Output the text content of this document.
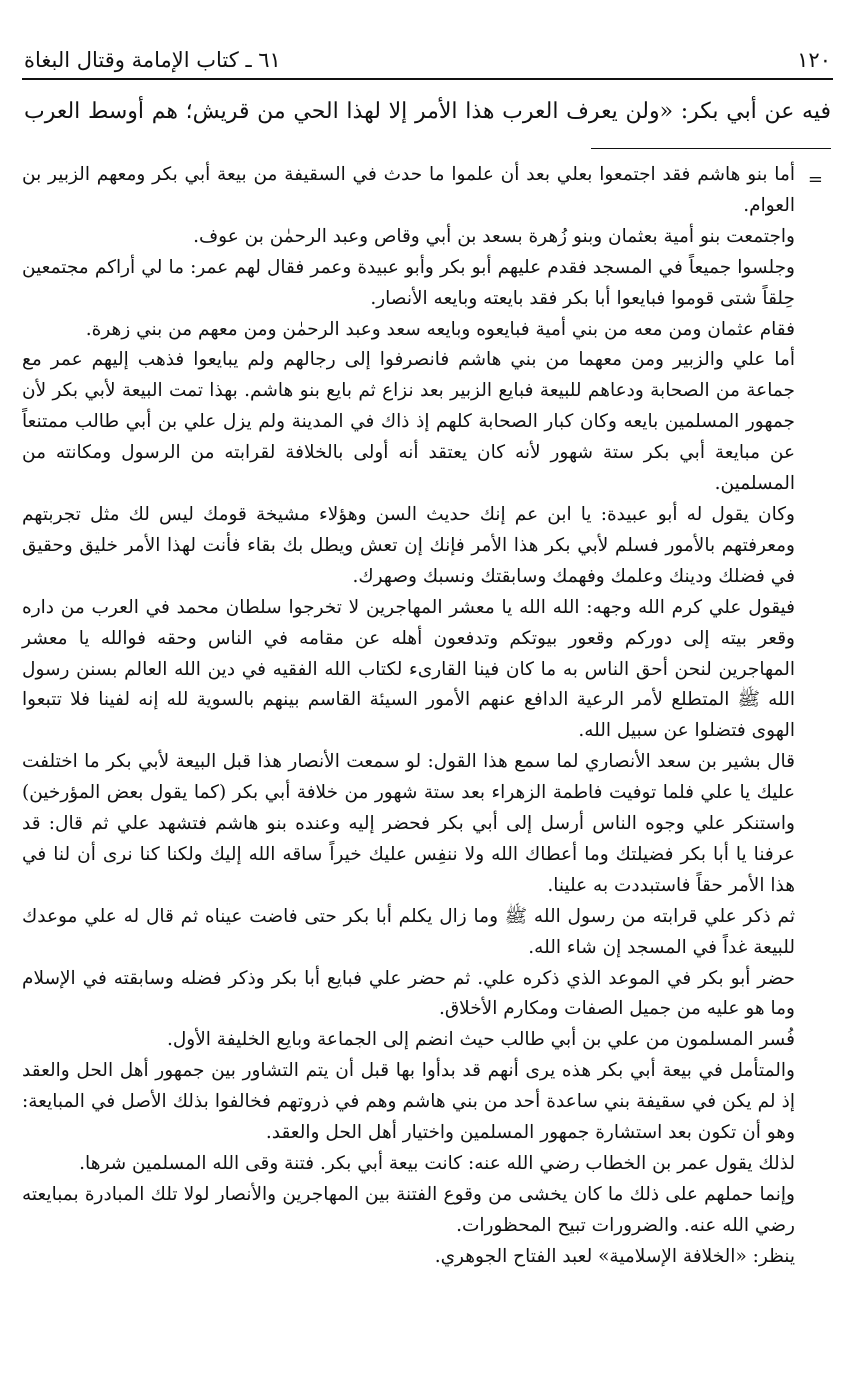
١٢٠
٦١ ـ كتاب الإمامة وقتال البغاة
فيه عن أبي بكر: «ولن يعرف العرب هذا الأمر إلا لهذا الحي من قريش؛ هم أوسط العرب
=

أما بنو هاشم فقد اجتمعوا بعلي بعد أن علموا ما حدث في السقيفة من بيعة أبي بكر ومعهم الزبير بن العوام.

واجتمعت بنو أمية بعثمان وبنو زُهرة بسعد بن أبي وقاص وعبد الرحمٰن بن عوف.

وجلسوا جميعاً في المسجد فقدم عليهم أبو بكر وأبو عبيدة وعمر فقال لهم عمر: ما لي أراكم مجتمعين حِلقاً شتى قوموا فبايعوا أبا بكر فقد بايعته وبايعه الأنصار.

فقام عثمان ومن معه من بني أمية فبايعوه وبايعه سعد وعبد الرحمٰن ومن معهم من بني زهرة.

أما علي والزبير ومن معهما من بني هاشم فانصرفوا إلى رجالهم ولم يبايعوا فذهب إليهم عمر مع جماعة من الصحابة ودعاهم للبيعة فبايع الزبير بعد نزاع ثم بايع بنو هاشم. بهذا تمت البيعة لأبي بكر لأن جمهور المسلمين بايعه وكان كبار الصحابة كلهم إذ ذاك في المدينة ولم يزل علي بن أبي طالب ممتنعاً عن مبايعة أبي بكر ستة شهور لأنه كان يعتقد أنه أولى بالخلافة لقرابته من الرسول ومكانته من المسلمين.

وكان يقول له أبو عبيدة: يا ابن عم إنك حديث السن وهؤلاء مشيخة قومك ليس لك مثل تجربتهم ومعرفتهم بالأمور فسلم لأبي بكر هذا الأمر فإنك إن تعش ويطل بك بقاء فأنت لهذا الأمر خليق وحقيق في فضلك ودينك وعلمك وفهمك وسابقتك ونسبك وصهرك.

فيقول علي كرم الله وجهه: الله الله يا معشر المهاجرين لا تخرجوا سلطان محمد في العرب من داره وقعر بيته إلى دوركم وقعور بيوتكم وتدفعون أهله عن مقامه في الناس وحقه فوالله يا معشر المهاجرين لنحن أحق الناس به ما كان فينا القارىء لكتاب الله الفقيه في دين الله العالم بسنن رسول الله ﷺ المتطلع لأمر الرعية الدافع عنهم الأمور السيئة القاسم بينهم بالسوية لله إنه لفينا فلا تتبعوا الهوى فتضلوا عن سبيل الله.

قال بشير بن سعد الأنصاري لما سمع هذا القول: لو سمعت الأنصار هذا قبل البيعة لأبي بكر ما اختلفت عليك يا علي فلما توفيت فاطمة الزهراء بعد ستة شهور من خلافة أبي بكر (كما يقول بعض المؤرخين) واستنكر علي وجوه الناس أرسل إلى أبي بكر فحضر إليه وعنده بنو هاشم فتشهد علي ثم قال: قد عرفنا يا أبا بكر فضيلتك وما أعطاك الله ولا ننفِس عليك خيراً ساقه الله إليك ولكنا كنا نرى أن لنا في هذا الأمر حقاً فاستبددت به علينا.

ثم ذكر علي قرابته من رسول الله ﷺ وما زال يكلم أبا بكر حتى فاضت عيناه ثم قال له علي موعدك للبيعة غداً في المسجد إن شاء الله.

حضر أبو بكر في الموعد الذي ذكره علي. ثم حضر علي فبايع أبا بكر وذكر فضله وسابقته في الإسلام وما هو عليه من جميل الصفات ومكارم الأخلاق.

فُسر المسلمون من علي بن أبي طالب حيث انضم إلى الجماعة وبايع الخليفة الأول.

والمتأمل في بيعة أبي بكر هذه يرى أنهم قد بدأوا بها قبل أن يتم التشاور بين جمهور أهل الحل والعقد إذ لم يكن في سقيفة بني ساعدة أحد من بني هاشم وهم في ذروتهم فخالفوا بذلك الأصل في المبايعة: وهو أن تكون بعد استشارة جمهور المسلمين واختيار أهل الحل والعقد.

لذلك يقول عمر بن الخطاب رضي الله عنه: كانت بيعة أبي بكر. فتنة وقى الله المسلمين شرها.

وإنما حملهم على ذلك ما كان يخشى من وقوع الفتنة بين المهاجرين والأنصار لولا تلك المبادرة بمبايعته رضي الله عنه. والضرورات تبيح المحظورات.

ينظر: «الخلافة الإسلامية» لعبد الفتاح الجوهري.
